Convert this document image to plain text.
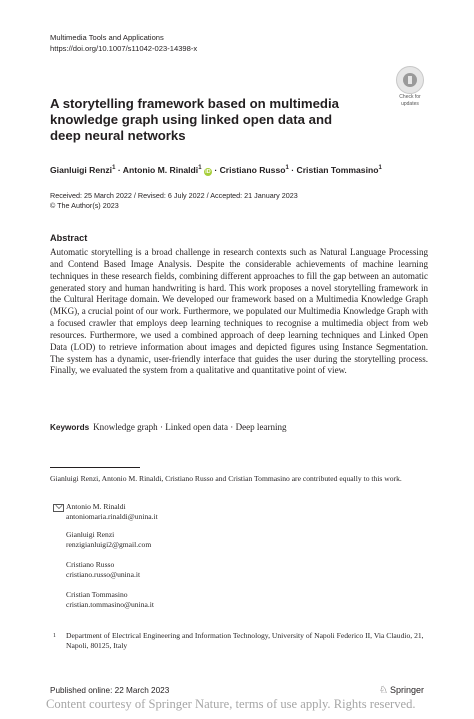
Multimedia Tools and Applications
https://doi.org/10.1007/s11042-023-14398-x
Check for
updates
A storytelling framework based on multimedia knowledge graph using linked open data and deep neural networks
Gianluigi Renzi$^1$ · Antonio M. Rinaldi$^1$ iD · Cristiano Russo$^1$ · Cristian Tommasino$^1$
Received: 25 March 2022 / Revised: 6 July 2022 / Accepted: 21 January 2023
© The Author(s) 2023
Abstract
Automatic storytelling is a broad challenge in research contexts such as Natural Language Processing and Contend Based Image Analysis. Despite the considerable achievements of machine learning techniques in these research fields, combining different approaches to fill the gap between an automatic generated story and human handwriting is hard. This work proposes a novel storytelling framework in the Cultural Heritage domain. We developed our framework based on a Multimedia Knowledge Graph (MKG), a crucial point of our work. Furthermore, we populated our Multimedia Knowledge Graph with a focused crawler that employs deep learning techniques to recognise a multimedia object from web resources. Furthermore, we used a combined approach of deep learning techniques and Linked Open Data (LOD) to retrieve information about images and depicted figures using Instance Segmentation. The system has a dynamic, user-friendly interface that guides the user during the storytelling process. Finally, we evaluated the system from a qualitative and quantitative point of view.
Keywords Knowledge graph · Linked open data · Deep learning
Gianluigi Renzi, Antonio M. Rinaldi, Cristiano Russo and Cristian Tommasino are contributed equally to this work.
Antonio M. Rinaldi
antoniomaria.rinaldi@unina.it
Gianluigi Renzi
renzigianluigi2@gmail.com
Cristiano Russo
cristiano.russo@unina.it
Cristian Tommasino
cristian.tommasino@unina.it
1 Department of Electrical Engineering and Information Technology, University of Napoli Federico II, Via Claudio, 21, Napoli, 80125, Italy
Published online: 22 March 2023	♘ Springer
Content courtesy of Springer Nature, terms of use apply. Rights reserved.
